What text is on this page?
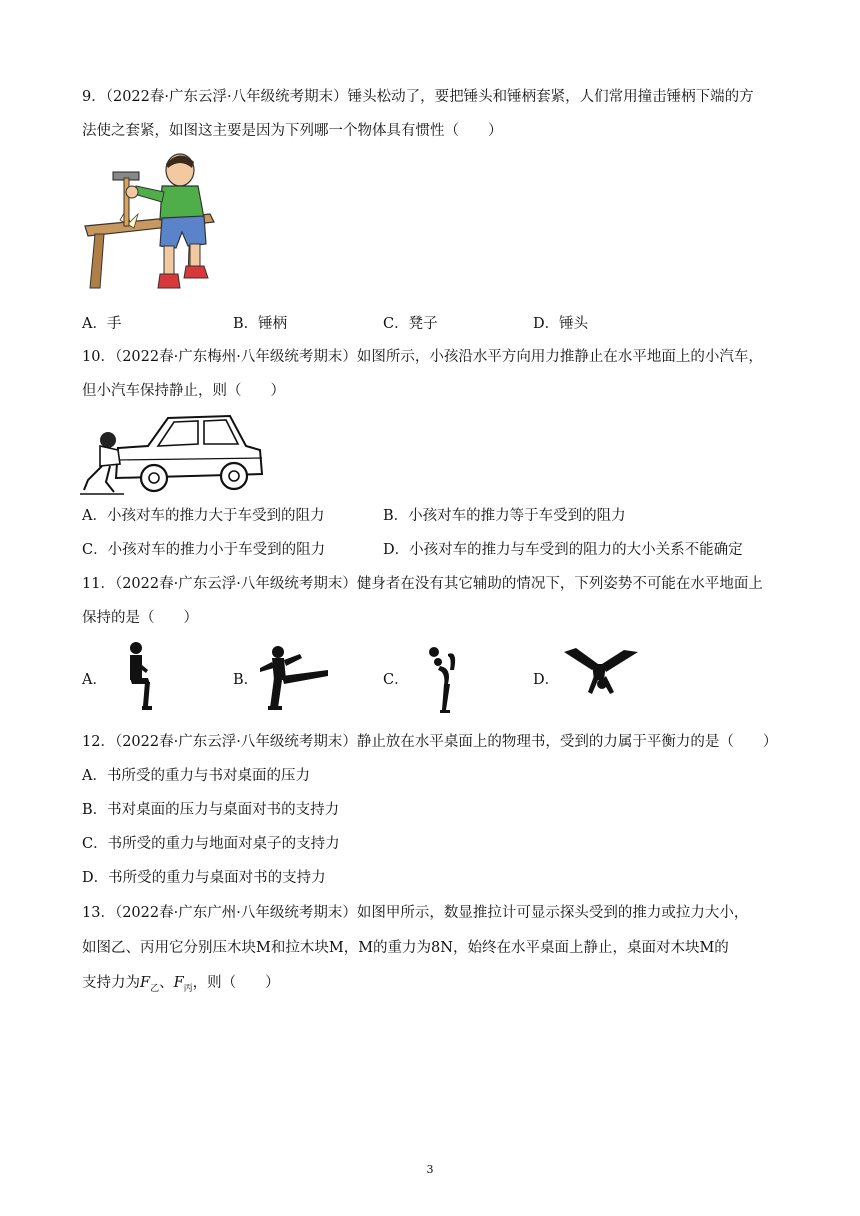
9．（2022春·广东云浮·八年级统考期末）锤头松动了，要把锤头和锤柄套紧，人们常用撞击锤柄下端的方
法使之套紧，如图这主要是因为下列哪一个物体具有惯性（　　）
A．手	B．锤柄	C．凳子	D．锤头
10．（2022春·广东梅州·八年级统考期末）如图所示，小孩沿水平方向用力推静止在水平地面上的小汽车，
但小汽车保持静止，则（　　）
A．小孩对车的推力大于车受到的阻力	B．小孩对车的推力等于车受到的阻力
C．小孩对车的推力小于车受到的阻力	D．小孩对车的推力与车受到的阻力的大小关系不能确定
11．（2022春·广东云浮·八年级统考期末）健身者在没有其它辅助的情况下，下列姿势不可能在水平地面上
保持的是（　　）
A．	B．	C．	D．
12．（2022春·广东云浮·八年级统考期末）静止放在水平桌面上的物理书，受到的力属于平衡力的是（　　）
A．书所受的重力与书对桌面的压力
B．书对桌面的压力与桌面对书的支持力
C．书所受的重力与地面对桌子的支持力
D．书所受的重力与桌面对书的支持力
13．（2022春·广东广州·八年级统考期末）如图甲所示，数显推拉计可显示探头受到的推力或拉力大小，
如图乙、丙用它分别压木块M和拉木块M，M的重力为8N，始终在水平桌面上静止，桌面对木块M的
支持力为$F_乙$、$F_丙$，则（　　）
3
